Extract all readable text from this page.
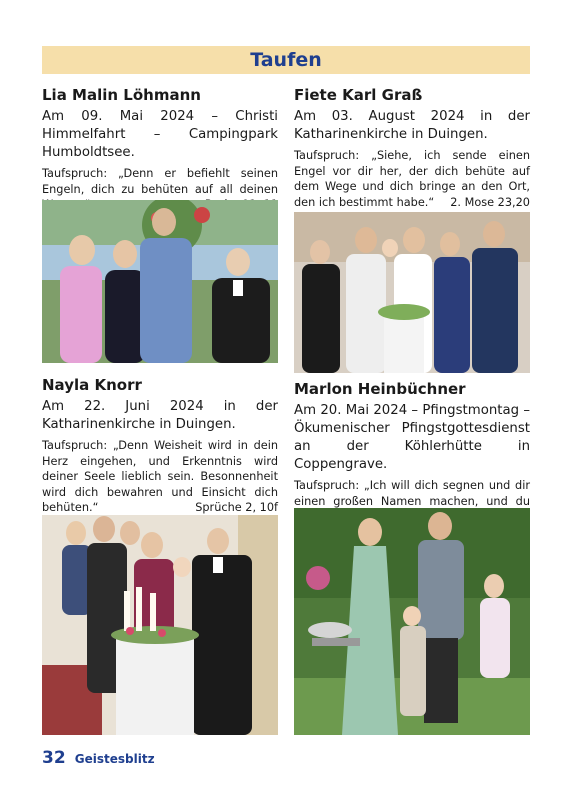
Taufen

Lia Malin Löhmann

Am 09. Mai 2024 – Christi Himmelfahrt – Campingpark Humboldtsee.

Taufspruch: „Denn er befiehlt seinen Engeln, dich zu behüten auf all deinen

Fiete Karl Graß

Am 03. August 2024 in der Katharinenkirche in Duingen.

Taufspruch: „Siehe, ich sende einen Engel vor dir her, der dich behüte auf dem Wege und dich bringe an den Ort, den ich bestimmt habe.“ 2. Mose 23,20

Nayla Knorr

Am 22. Juni 2024 in der Katharinenkirche in Duingen.

Taufspruch: „Denn Weisheit wird in dein Herz eingehen, und Erkenntnis wird deiner Seele lieblich sein. Besonnenheit wird dich bewahren und Einsicht dich behüten.“	Sprüche 2, 10f

Marlon Heinbüchner

Am 20. Mai 2024 – Pfingstmontag – Ökumenischer Pfingstgottesdienst an der Köhlerhütte in Coppengrave.

Taufspruch: „Ich will dich segnen und dir einen großen Namen machen, und du

32 Geistesblitz
